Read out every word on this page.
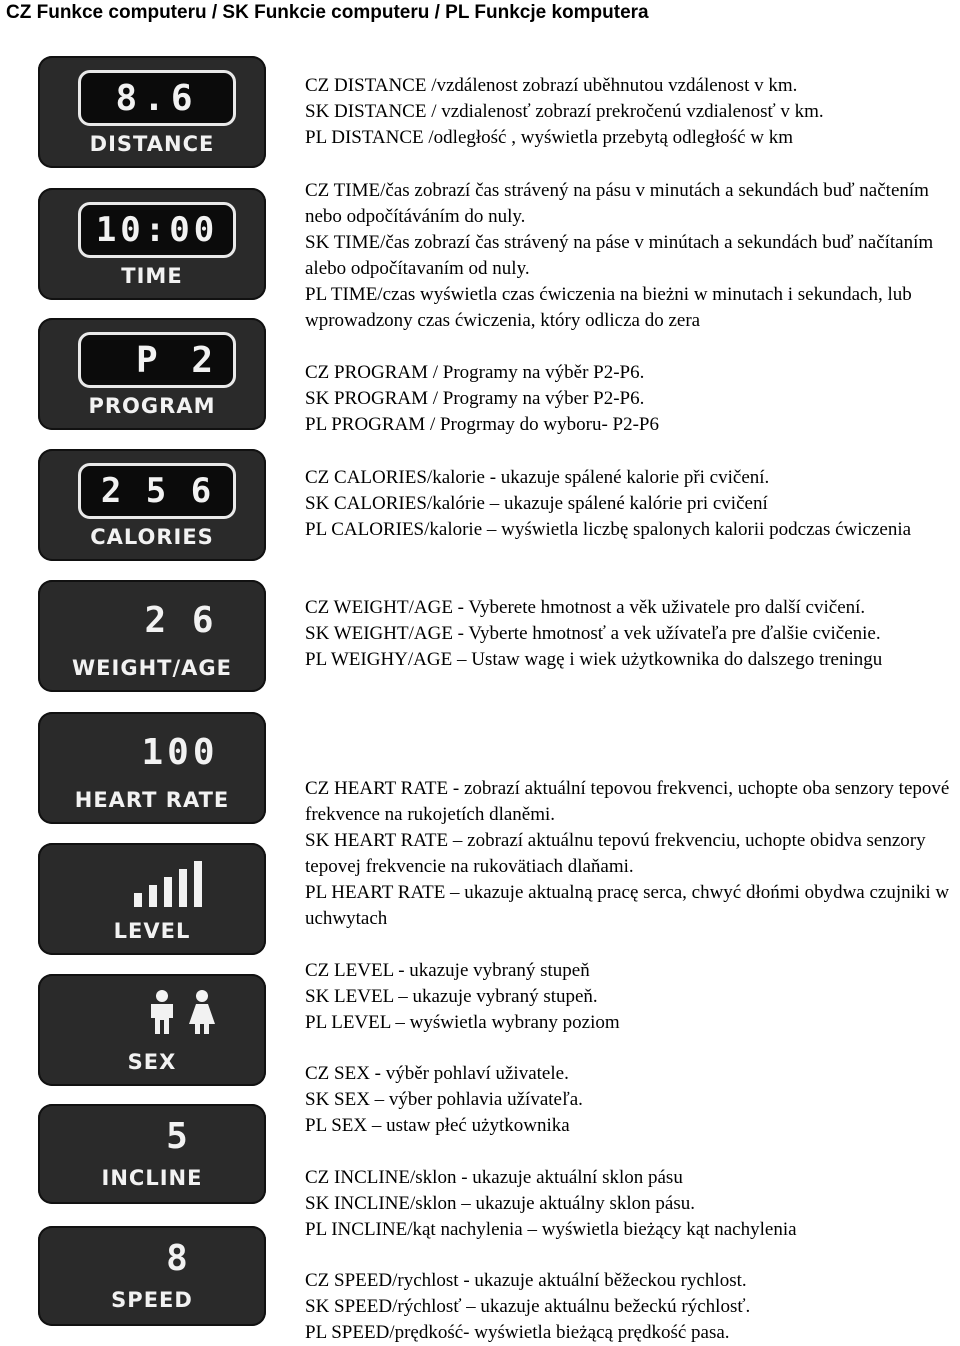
CZ Funkce computeru / SK Funkcie computeru / PL Funkcje komputera
8.6
DISTANCE
CZ DISTANCE /vzdálenost zobrazí uběhnutou vzdálenost v km.
SK DISTANCE / vzdialenosť zobrazí prekročenú vzdialenosť v km.
PL DISTANCE /odległość , wyświetla przebytą odległość w km
10:00
TIME
CZ TIME/čas zobrazí čas strávený na pásu v minutách a sekundách buď načtením nebo odpočítáváním do nuly.
SK TIME/čas zobrazí čas strávený na páse v minútach a sekundách buď načítaním alebo odpočítavaním od nuly.
PL TIME/czas wyświetla czas ćwiczenia na bieżni w minutach i sekundach, lub wprowadzony czas ćwiczenia, który odlicza do zera
P 2
PROGRAM
CZ PROGRAM / Programy na výběr P2-P6.
SK PROGRAM / Programy na výber P2-P6.
PL PROGRAM / Progrmay do wyboru- P2-P6
2 5 6
CALORIES
CZ CALORIES/kalorie - ukazuje spálené kalorie při cvičení.
SK CALORIES/kalórie – ukazuje spálené kalórie pri cvičení
PL CALORIES/kalorie – wyświetla liczbę spalonych kalorii podczas ćwiczenia
2 6
WEIGHT/AGE
CZ WEIGHT/AGE - Vyberete hmotnost a věk uživatele pro další cvičení.
SK WEIGHT/AGE - Vyberte hmotnosť a vek užívateľa pre ďalšie cvičenie.
PL WEIGHY/AGE – Ustaw wagę i wiek użytkownika do dalszego treningu
100
HEART RATE	CZ HEART RATE - zobrazí aktuální tepovou frekvenci, uchopte oba senzory tepové frekvence na rukojetích dlaněmi.
SK HEART RATE – zobrazí aktuálnu tepovú frekvenciu, uchopte obidva senzory tepovej frekvencie na rukovätiach dlaňami.
PL HEART RATE – ukazuje aktualną pracę serca, chwyć dłońmi obydwa czujniki w uchwytach
LEVEL
CZ LEVEL - ukazuje vybraný stupeň
SK LEVEL – ukazuje vybraný stupeň.
PL LEVEL – wyświetla wybrany poziom
SEX	CZ SEX - výběr pohlaví uživatele.
SK SEX – výber pohlavia užívateľa.
PL SEX – ustaw płeć użytkownika
5
INCLINE	CZ INCLINE/sklon - ukazuje aktuální sklon pásu
SK INCLINE/sklon – ukazuje aktuálny sklon pásu.
PL INCLINE/kąt nachylenia – wyświetla bieżący kąt nachylenia
8
SPEED
CZ SPEED/rychlost - ukazuje aktuální běžeckou rychlost.
SK SPEED/rýchlosť – ukazuje aktuálnu bežeckú rýchlosť.
PL SPEED/prędkość- wyświetla bieżącą prędkość pasa.
